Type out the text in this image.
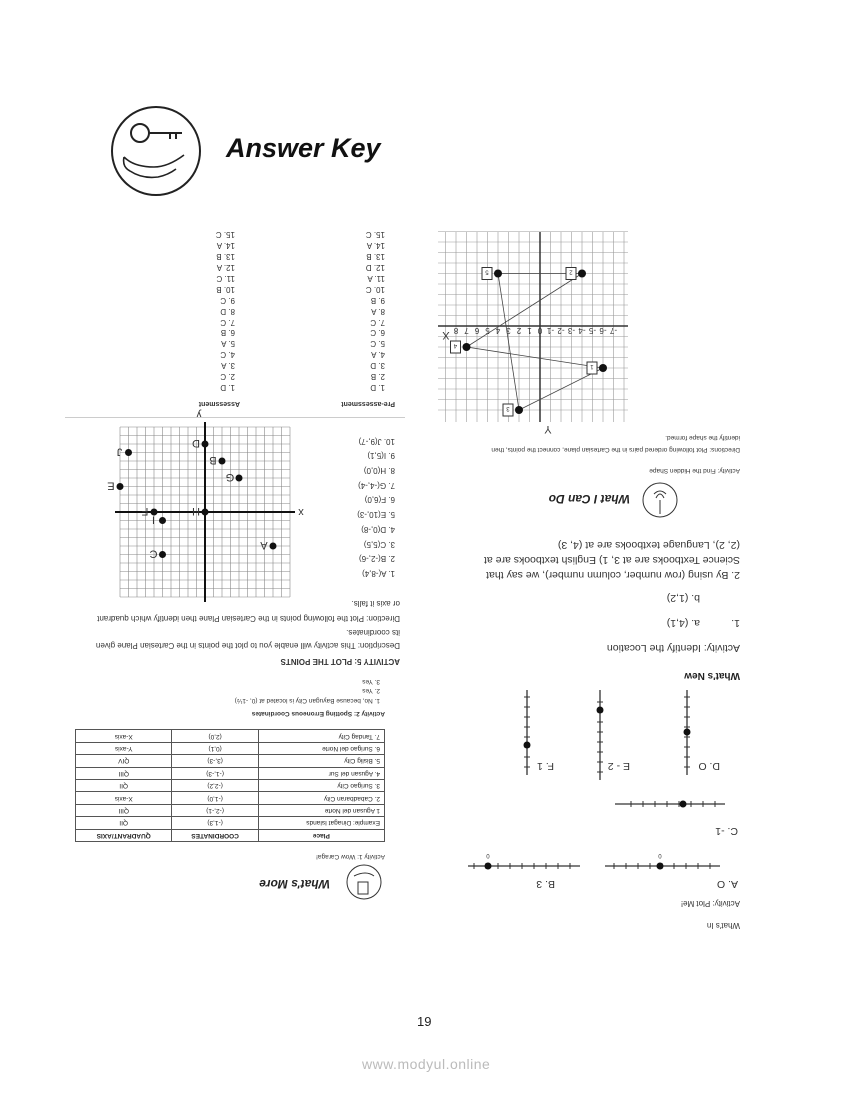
Answer Key
What's In
Activity: Plot Me!
A. O
B. 3
C. -1
D. O
E - 2
F. 1
0
0
What's New
Activity: Identify the Location
1.
a. (4,1)
b. (1,2)
2. By using (row number, column number), we say that
Science Textbooks are at 3, 1) English textbooks are at
(2, 2), Language textbooks are at (4, 3)
What I Can Do
Activity: Find the Hidden Shape
Directions: Plot following ordered pairs in the Cartesian plane, connect the points, then
identify the shape formed.
-7
-6
-5
-4
-3
-2
-1
0
1
2
3
4
5
6
7
8
X
Y
1
2
3
4
5
What's More
Activity 1: Wow Caraga!
Place	COORDINATES	QUADRANT/AXIS
Example: Dinagat Islands	(-1,3)	QII
1 Agusan del Norte	(-2,-1)	QIII
2. Cabadbaran City	(-1,0)	X-axis
3. Surigao City	(-2,2)	QII
4. Agusan del Sur	(-1,-3)	QIII
5. Bislig City	(3,-3)	QIV
6. Surigao del Norte	(0,1)	Y-axis
7. Tandag City	(2,0)	X-axis
Activity 2: Spotting Erroneous Coordinates
1. No, because Bayugan City is located at (0, -1½)
2. Yes
3. Yes
ACTIVITY 5: PLOT THE POINTS
Description: This activity will enable you to plot the points in the Cartesian Plane given
its coordinates.
Direction: Plot the following points in the Cartesian Plane then identify which quadrant
or axis it falls.
1. A(-8,4)
2. B(-2,-6)
3. C(5,5)
4. D(0,-8)
5. E(10,-3)
6. F(6,0)
7. G(-4,-4)
8. H(0,0)
9. I(5,1)
10. J(9,-7)
x
y
A
B
C
D
E
F
G
H
I
J
Pre-assessment
Assessment
1. D
2. B
3. D
4. A
5. C
6. C
7. C
8. A
9. B
10. C
11. A
12. D
13. B
14. A
15. C
1. D
2. C
3. A
4. C
5. A
6. B
7. C
8. D
9. C
10. B
11. C
12. A
13. B
14. A
15. C
19
www.modyul.online
